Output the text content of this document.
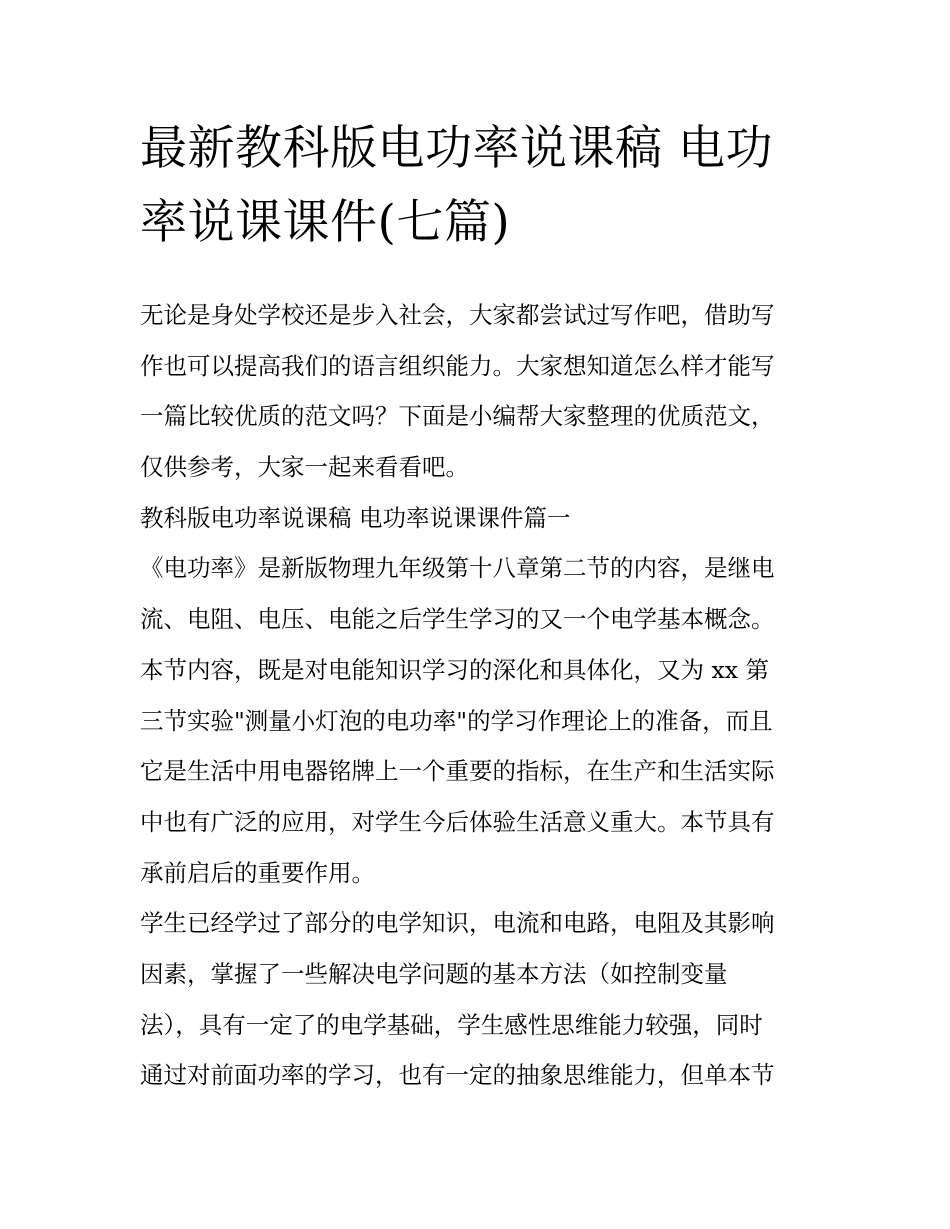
最新教科版电功率说课稿 电功
率说课课件(七篇)
无论是身处学校还是步入社会，大家都尝试过写作吧，借助写
作也可以提高我们的语言组织能力。大家想知道怎么样才能写
一篇比较优质的范文吗？下面是小编帮大家整理的优质范文，
仅供参考，大家一起来看看吧。
教科版电功率说课稿 电功率说课课件篇一
《电功率》是新版物理九年级第十八章第二节的内容，是继电
流、电阻、电压、电能之后学生学习的又一个电学基本概念。
本节内容，既是对电能知识学习的深化和具体化，又为 xx 第
三节实验"测量小灯泡的电功率"的学习作理论上的准备，而且
它是生活中用电器铭牌上一个重要的指标，在生产和生活实际
中也有广泛的应用，对学生今后体验生活意义重大。本节具有
承前启后的重要作用。
学生已经学过了部分的电学知识，电流和电路，电阻及其影响
因素，掌握了一些解决电学问题的基本方法（如控制变量
法），具有一定了的电学基础，学生感性思维能力较强，同时
通过对前面功率的学习，也有一定的抽象思维能力，但单本节
